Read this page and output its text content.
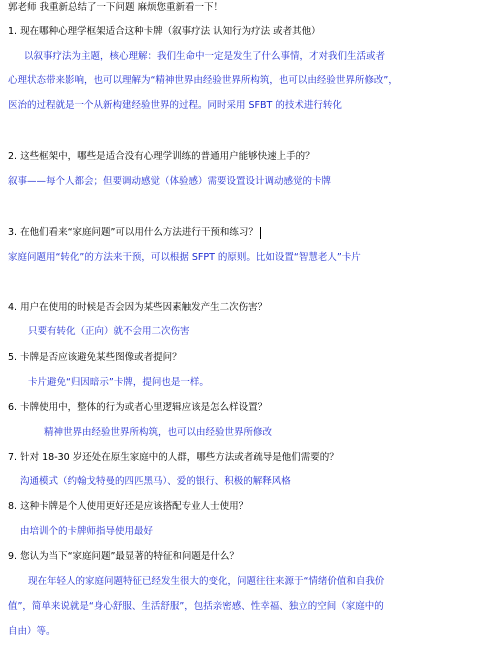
郭老师 我重新总结了一下问题 麻烦您重新看一下！
1. 现在哪种心理学框架适合这种卡牌（叙事疗法 认知行为疗法 或者其他）
以叙事疗法为主题，核心理解：我们生命中一定是发生了什么事情，才对我们生活或者
心理状态带来影响，也可以理解为“精神世界由经验世界所构筑，也可以由经验世界所修改”，
医治的过程就是一个从新构建经验世界的过程。同时采用 SFBT 的技术进行转化
2. 这些框架中，哪些是适合没有心理学训练的普通用户能够快速上手的？
叙事——每个人都会；但要调动感觉（体验感）需要设置设计调动感觉的卡牌
3. 在他们看来“家庭问题”可以用什么方法进行干预和练习？
家庭问题用“转化”的方法来干预，可以根据 SFPT 的原则。比如设置“智慧老人”卡片
4. 用户在使用的时候是否会因为某些因素触发产生二次伤害？
只要有转化（正向）就不会用二次伤害
5. 卡牌是否应该避免某些图像或者提问？
卡片避免“归因暗示”卡牌，提问也是一样。
6. 卡牌使用中，整体的行为或者心里逻辑应该是怎么样设置？
精神世界由经验世界所构筑，也可以由经验世界所修改
7. 针对 18-30 岁还处在原生家庭中的人群，哪些方法或者疏导是他们需要的？
沟通模式（约翰戈特曼的四匹黑马）、爱的银行、积极的解释风格
8. 这种卡牌是个人使用更好还是应该搭配专业人士使用？
由培训个的卡牌师指导使用最好
9. 您认为当下“家庭问题”最显著的特征和问题是什么？
现在年轻人的家庭问题特征已经发生很大的变化，问题往往来源于“情绪价值和自我价
值”，简单来说就是“身心舒服、生活舒服”，包括亲密感、性幸福、独立的空间（家庭中的
自由）等。
